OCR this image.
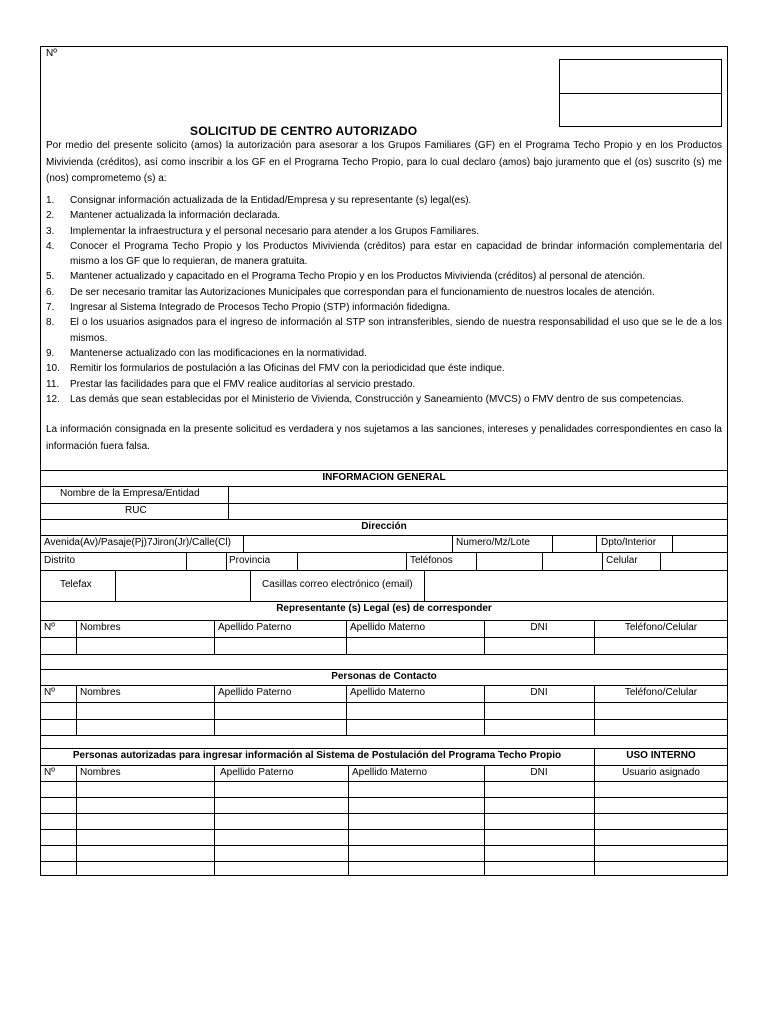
Nº
SOLICITUD DE CENTRO AUTORIZADO
Por medio del presente solicito (amos) la autorización para asesorar a los Grupos Familiares (GF) en el Programa Techo Propio y en los Productos Mivivienda (créditos), así como inscribir a los GF en el Programa Techo Propio, para lo cual declaro (amos) bajo juramento que el (os) suscrito (s) me (nos) comprometemo (s) a:
1. Consignar información actualizada de la Entidad/Empresa y su representante (s) legal(es).
2. Mantener actualizada la información declarada.
3. Implementar la infraestructura y el personal necesario para atender a los Grupos Familiares.
4. Conocer el Programa Techo Propio y los Productos Mivivienda (créditos) para estar en capacidad de brindar información complementaria del mismo a los GF que lo requieran, de manera gratuita.
5. Mantener actualizado y capacitado en el Programa Techo Propio y en los Productos Mivivienda (créditos) al personal de atención.
6. De ser necesario tramitar las Autorizaciones Municipales que correspondan para el funcionamiento de nuestros locales de atención.
7. Ingresar al Sistema Integrado de Procesos Techo Propio (STP) información fidedigna.
8. El o los usuarios asignados para el ingreso de información al STP son intransferibles, siendo de nuestra responsabilidad el uso que se le de a los mismos.
9. Mantenerse actualizado con las modificaciones en la normatividad.
10. Remitir los formularios de postulación a las Oficinas del FMV con la periodicidad que éste indique.
11. Prestar las facilidades para que el FMV realice auditorías al servicio prestado.
12. Las demás que sean establecidas por el Ministerio de Vivienda, Construcción y Saneamiento (MVCS) o FMV dentro de sus competencias.
La información consignada en la presente solicitud es verdadera y nos sujetamos a las sanciones, intereses y penalidades correspondientes en caso la información fuera falsa.
INFORMACION GENERAL
Nombre de la Empresa/Entidad
RUC
Dirección
Avenida(Av)/Pasaje(Pj)7Jiron(Jr)/Calle(Cl)	Numero/Mz/Lote	Dpto/Interior
Distrito	Provincia	Teléfonos	Celular
Telefax	Casillas correo electrónico (email)
Representante (s) Legal (es) de corresponder
Nº	Nombres	Apellido Paterno	Apellido Materno	DNI	Teléfono/Celular
Personas de Contacto
Nº	Nombres	Apellido Paterno	Apellido Materno	DNI	Teléfono/Celular
Personas autorizadas para ingresar información al Sistema de Postulación del Programa Techo Propio	USO INTERNO
Nº	Nombres	Apellido Paterno	Apellido Materno	DNI	Usuario asignado
